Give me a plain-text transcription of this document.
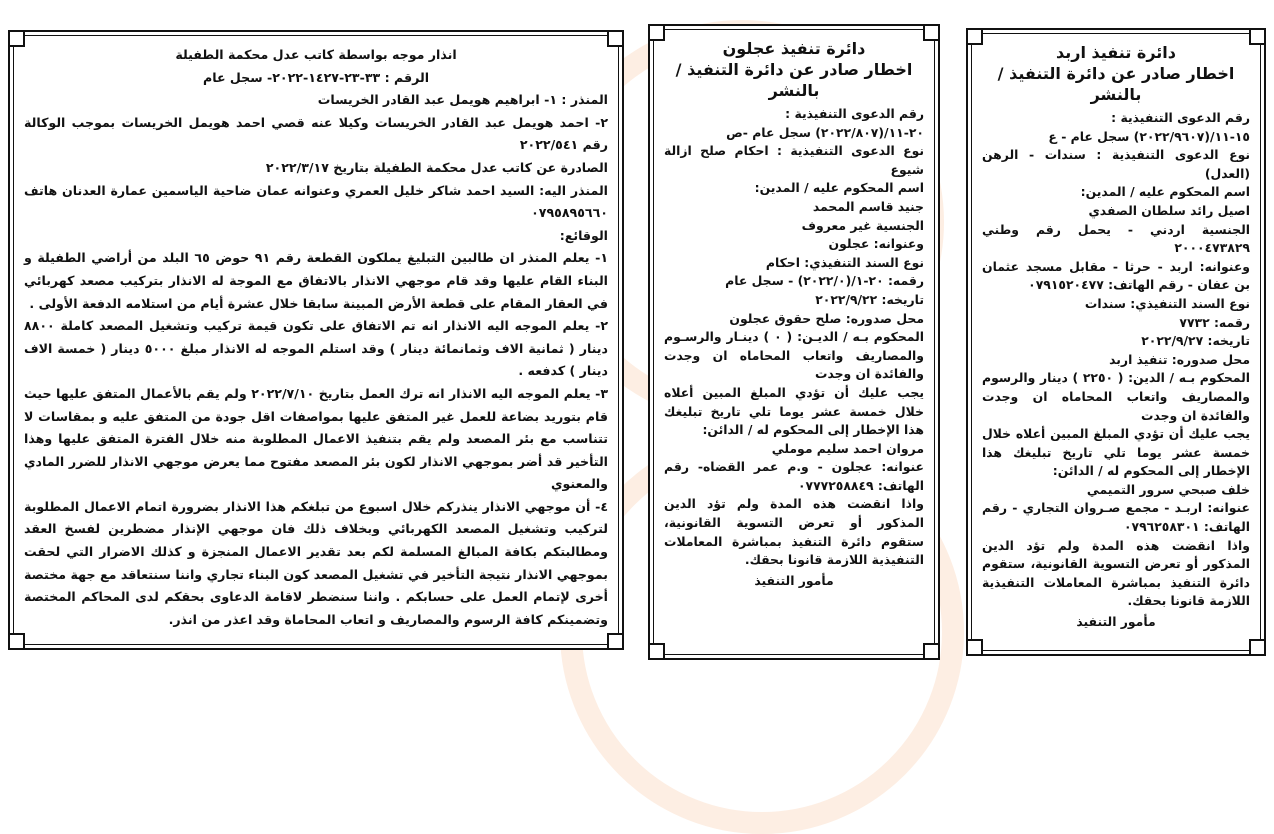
انذار موجه بواسطة كاتب عدل محكمة الطفيلة
الرقم : ٣٣-٢٣-١٤٢٧-٢٠٢٢- سجل عام

المنذر : ١- ابراهيم هويمل عبد القادر الخريسات

٢- احمد هويمل عبد القادر الخريسات وكيلا عنه قصي احمد هويمل الخريسات بموجب الوكالة رقم ٢٠٢٢/٥٤١

الصادرة عن كاتب عدل محكمة الطفيلة بتاريخ ٢٠٢٢/٣/١٧

المنذر اليه: السيد احمد شاكر خليل العمري وعنوانه عمان ضاحية الياسمين عمارة العدنان هاتف ٠٧٩٥٨٩٥٦٦٠

الوقائع:

١- يعلم المنذر ان طالبين التبليغ يملكون القطعة رقم ٩١ حوض ٦٥ البلد من أراضي الطفيلة و البناء القام عليها وقد قام موجهي الانذار بالاتفاق مع الموجة له الانذار بتركيب مصعد كهربائي في العقار المقام على قطعة الأرض المبينة سابقا خلال عشرة أيام من استلامه الدفعة الأولى .

٢- يعلم الموجه اليه الانذار انه تم الاتفاق على تكون قيمة تركيب وتشغيل المصعد كاملة ٨٨٠٠ دينار ( ثمانية الاف وثمانمائة دينار ) وقد استلم الموجه له الانذار مبلغ ٥٠٠٠ دينار ( خمسة الاف دينار ) كدفعه .

٣- يعلم الموجه اليه الانذار انه ترك العمل بتاريخ ٢٠٢٢/٧/١٠ ولم يقم بالأعمال المتفق عليها حيث قام بتوريد بضاعة للعمل غير المتفق عليها بمواصفات اقل جودة من المتفق عليه و بمقاسات لا تتناسب مع بئر المصعد ولم يقم بتنفيذ الاعمال المطلوبة منه خلال الفترة المتفق عليها وهذا التأخير قد أضر بموجهي الانذار لكون بئر المصعد مفتوح مما يعرض موجهي الانذار للضرر المادي والمعنوي

٤- أن موجهي الانذار ينذركم خلال اسبوع من تبلغكم هذا الانذار بضرورة اتمام الاعمال المطلوبة لتركيب وتشغيل المصعد الكهربائي وبخلاف ذلك فان موجهي الإنذار مضطرين لفسخ العقد ومطالبتكم بكافة المبالغ المسلمة لكم بعد تقدير الاعمال المنجزة و كذلك الاضرار التي لحقت بموجهي الانذار نتيجة التأخير في تشغيل المصعد كون البناء تجاري واننا سنتعاقد مع جهة مختصة أخرى لإتمام العمل على حسابكم . واننا سنضطر لاقامة الدعاوى بحقكم لدى المحاكم المختصة وتضمينكم كافة الرسوم والمصاريف و اتعاب المحاماة وقد اعذر من انذر.

دائرة تنفيذ عجلون
اخطار صادر عن دائرة التنفيذ / بالنشر

رقم الدعوى التنفيذية :

٢٠-١١/(٢٠٢٢/٨٠٧) سجل عام -ص

نوع الدعوى التنفيذية : احكام صلح ازالة شيوع

اسم المحكوم عليه / المدين:

جنيد قاسم المحمد

الجنسية غير معروف

وعنوانه: عجلون

نوع السند التنفيذي: احكام

رقمه: ٢٠-١/(٢٠٢٢/٠) - سجل عام

تاريخه: ٢٠٢٢/٩/٢٢

محل صدوره: صلح حقوق عجلون

المحكوم بـه / الديـن: ( ٠ ) دينـار والرسـوم والمصاريف واتعاب المحاماه ان وجدت والفائدة ان وجدت

يجب عليك أن تؤدي المبلغ المبين أعلاه خلال خمسة عشر يوما تلي تاريخ تبليغك هذا الإخطار إلى المحكوم له / الدائن:

مروان احمد سليم موملي

عنوانه: عجلون - و.م عمر القضاه- رقم الهاتف: ٠٧٧٧٢٥٨٨٤٩

واذا انقضت هذه المدة ولم تؤد الدين المذكور أو تعرض التسوية القانونية، ستقوم دائرة التنفيذ بمباشرة المعاملات التنفيذية اللازمة قانونا بحقك.

مأمور التنفيذ
دائرة تنفيذ اربد
اخطار صادر عن دائرة التنفيذ / بالنشر

رقم الدعوى التنفيذية :

١٥-١١/(٢٠٢٢/٩٦٠٧) سجل عام - ع

نوع الدعوى التنفيذية : سندات - الرهن (العدل)

اسم المحكوم عليه / المدين:

اصيل رائد سلطان الصفدي

الجنسية اردني - يحمل رقم وطني ٢٠٠٠٤٧٣٨٢٩

وعنوانه: اربد - حرثا - مقابل مسجد عثمان بن عفان - رقم الهاتف: ٠٧٩١٥٢٠٤٧٧

نوع السند التنفيذي: سندات

رقمه: ٧٧٣٢

تاريخه: ٢٠٢٢/٩/٢٧

محل صدوره: تنفيذ اربد

المحكوم بـه / الدين: ( ٢٢٥٠ ) دينار والرسوم والمصاريف واتعاب المحاماه ان وجدت والفائدة ان وجدت

يجب عليك أن تؤدي المبلغ المبين أعلاه خلال خمسة عشر يوما تلي تاريخ تبليغك هذا الإخطار إلى المحكوم له / الدائن:

خلف صبحي سرور التميمي

عنوانه: اربـد - مجمع صـروان التجاري - رقم الهاتف: ٠٧٩٦٢٥٨٣٠١

واذا انقضت هذه المدة ولم تؤد الدين المذكور أو تعرض التسوية القانونية، ستقوم دائرة التنفيذ بمباشرة المعاملات التنفيذية اللازمة قانونا بحقك.

مأمور التنفيذ
